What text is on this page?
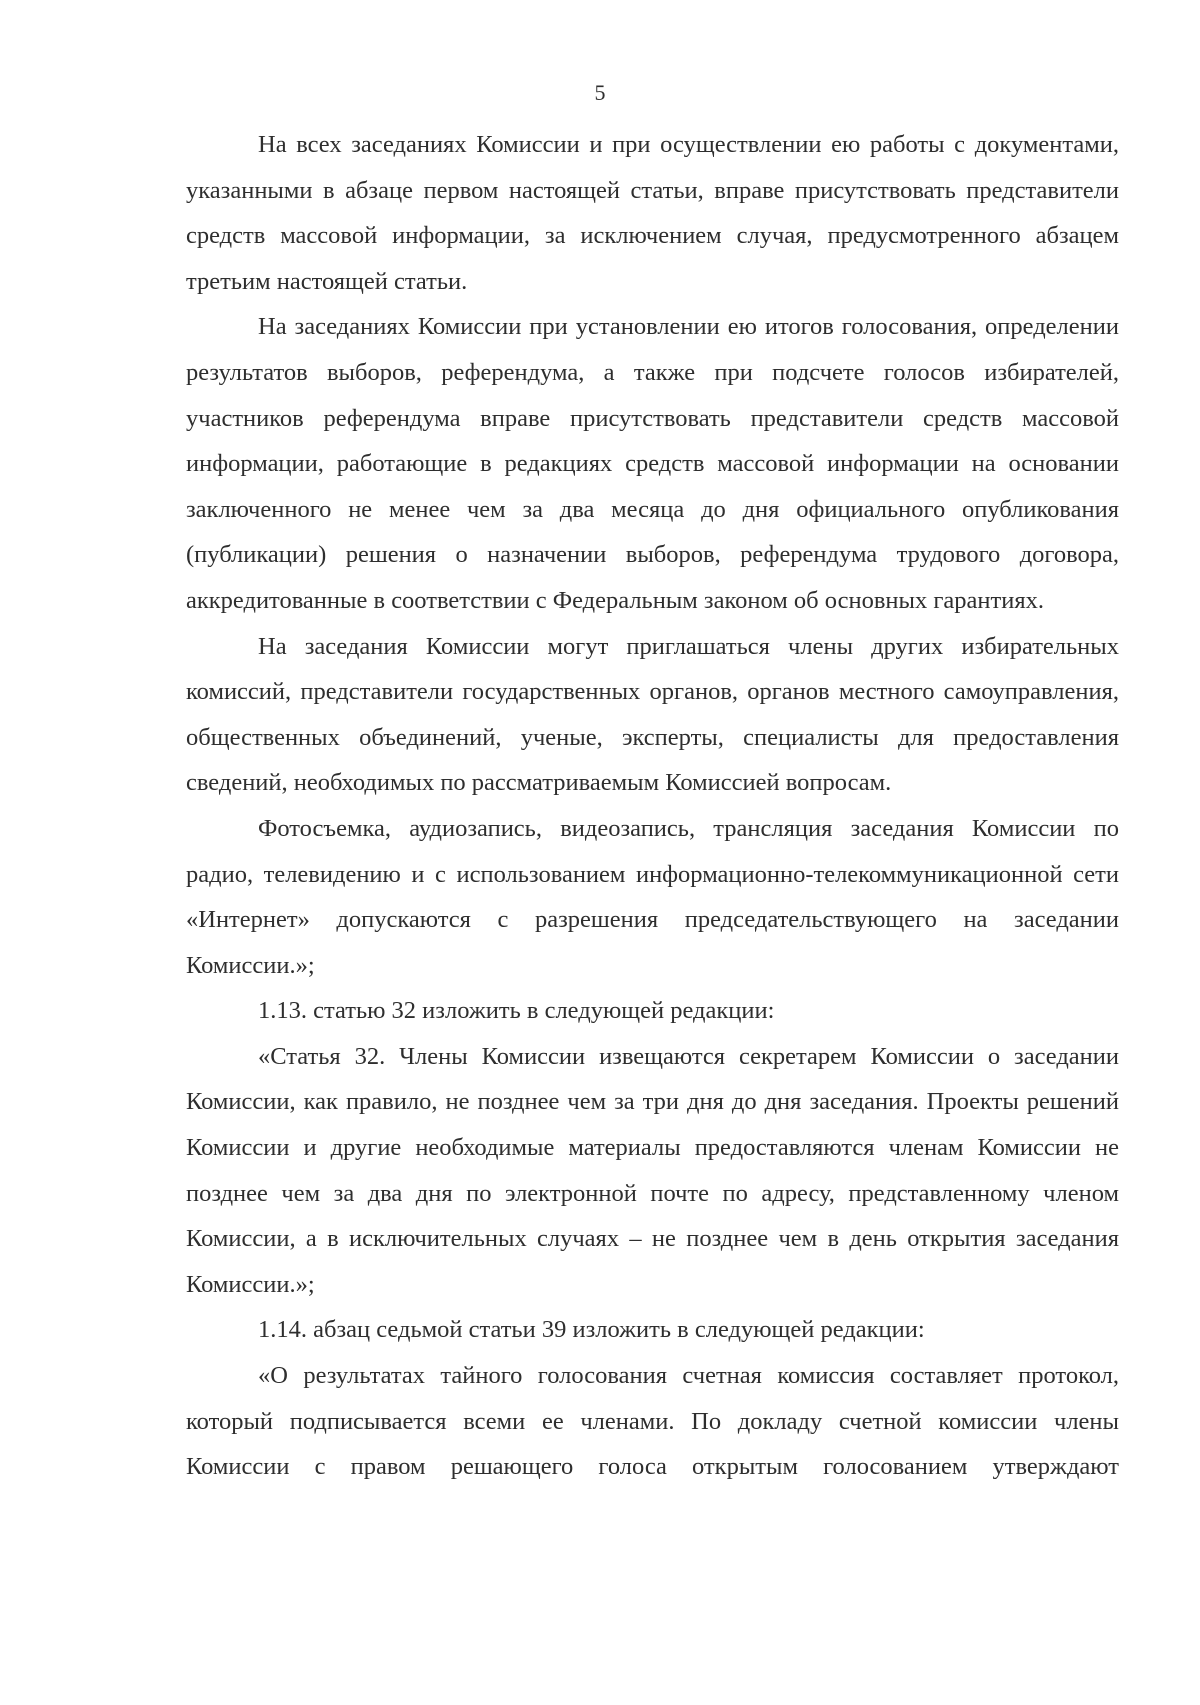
5

На всех заседаниях Комиссии и при осуществлении ею работы с документами, указанными в абзаце первом настоящей статьи, вправе присутствовать представители средств массовой информации, за исключением случая, предусмотренного абзацем третьим настоящей статьи.

На заседаниях Комиссии при установлении ею итогов голосования, определении результатов выборов, референдума, а также при подсчете голосов избирателей, участников референдума вправе присутствовать представители средств массовой информации, работающие в редакциях средств массовой информации на основании заключенного не менее чем за два месяца до дня официального опубликования (публикации) решения о назначении выборов, референдума трудового договора, аккредитованные в соответствии с Федеральным законом об основных гарантиях.

На заседания Комиссии могут приглашаться члены других избирательных комиссий, представители государственных органов, органов местного самоуправления, общественных объединений, ученые, эксперты, специалисты для предоставления сведений, необходимых по рассматриваемым Комиссией вопросам.

Фотосъемка, аудиозапись, видеозапись, трансляция заседания Комиссии по радио, телевидению и с использованием информационно-телекоммуникационной сети «Интернет» допускаются с разрешения председательствующего на заседании Комиссии.»;

1.13. статью 32 изложить в следующей редакции:

«Статья 32. Члены Комиссии извещаются секретарем Комиссии о заседании Комиссии, как правило, не позднее чем за три дня до дня заседания. Проекты решений Комиссии и другие необходимые материалы предоставляются членам Комиссии не позднее чем за два дня по электронной почте по адресу, представленному членом Комиссии, а в исключительных случаях – не позднее чем в день открытия заседания Комиссии.»;

1.14. абзац седьмой статьи 39 изложить в следующей редакции:

«О результатах тайного голосования счетная комиссия составляет протокол, который подписывается всеми ее членами. По докладу счетной комиссии члены Комиссии с правом решающего голоса открытым голосованием утверждают
